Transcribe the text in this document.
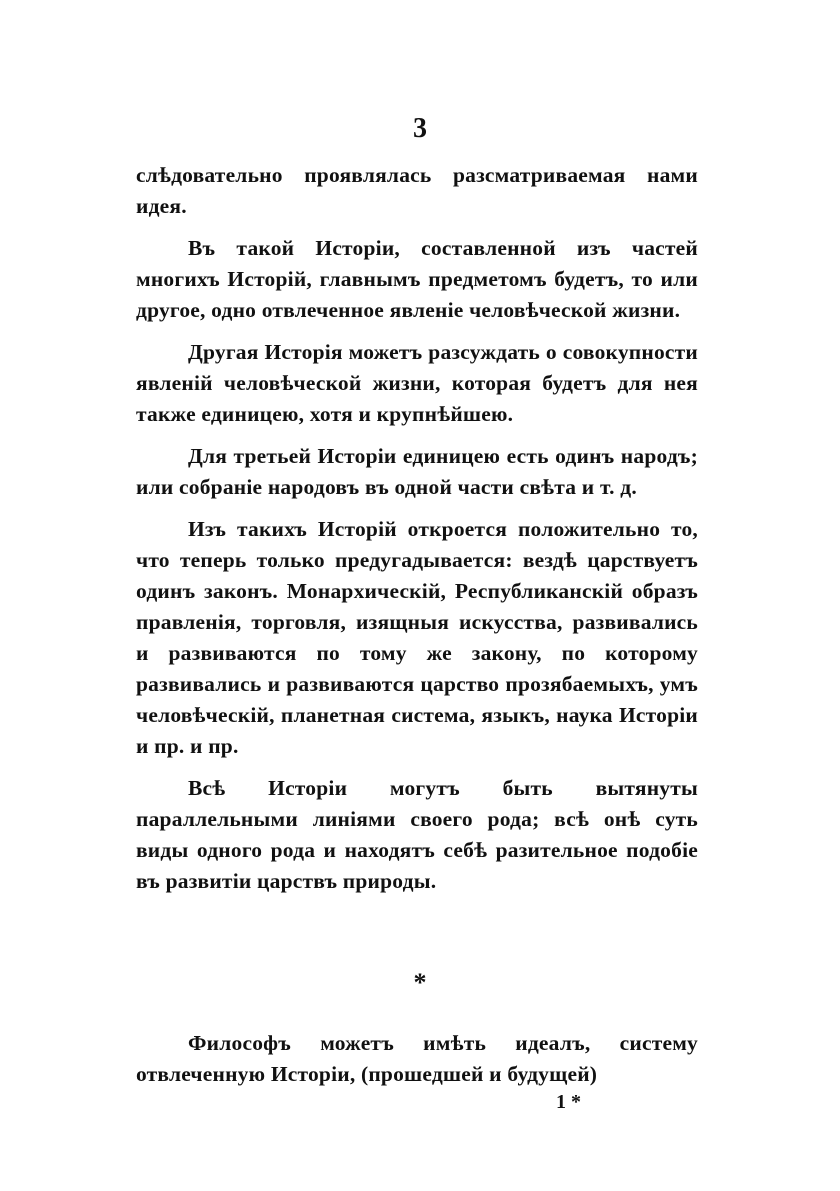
3

слѣдовательно проявлялась разсматриваемая нами идея.

Въ такой Исторіи, составленной изъ частей многихъ Исторій, главнымъ предметомъ будетъ, то или другое, одно отвлеченное явленіе человѣческой жизни.

Другая Исторія можетъ разсуждать о совокупности явленій человѣческой жизни, которая будетъ для нея также единицею, хотя и крупнѣйшею.

Для третьей Исторіи единицею есть одинъ народъ; или собраніе народовъ въ одной части свѣта и т. д.

Изъ такихъ Исторій откроется положительно то, что теперь только предугадывается: вездѣ царствуетъ одинъ законъ. Монархическій, Республиканскій образъ правленія, торговля, изящныя искусства, развивались и развиваются по тому же закону, по которому развивались и развиваются царство прозябаемыхъ, умъ человѣческій, планетная система, языкъ, наука Исторіи и пр. и пр.

Всѣ Исторіи могутъ быть вытянуты параллельными линіями своего рода; всѣ онѣ суть виды одного рода и находятъ себѣ разительное подобіе въ развитіи царствъ природы.

*
Философъ можетъ имѣть идеалъ, систему отвлеченную Исторіи, (прошедшей и будущей)
1 *
